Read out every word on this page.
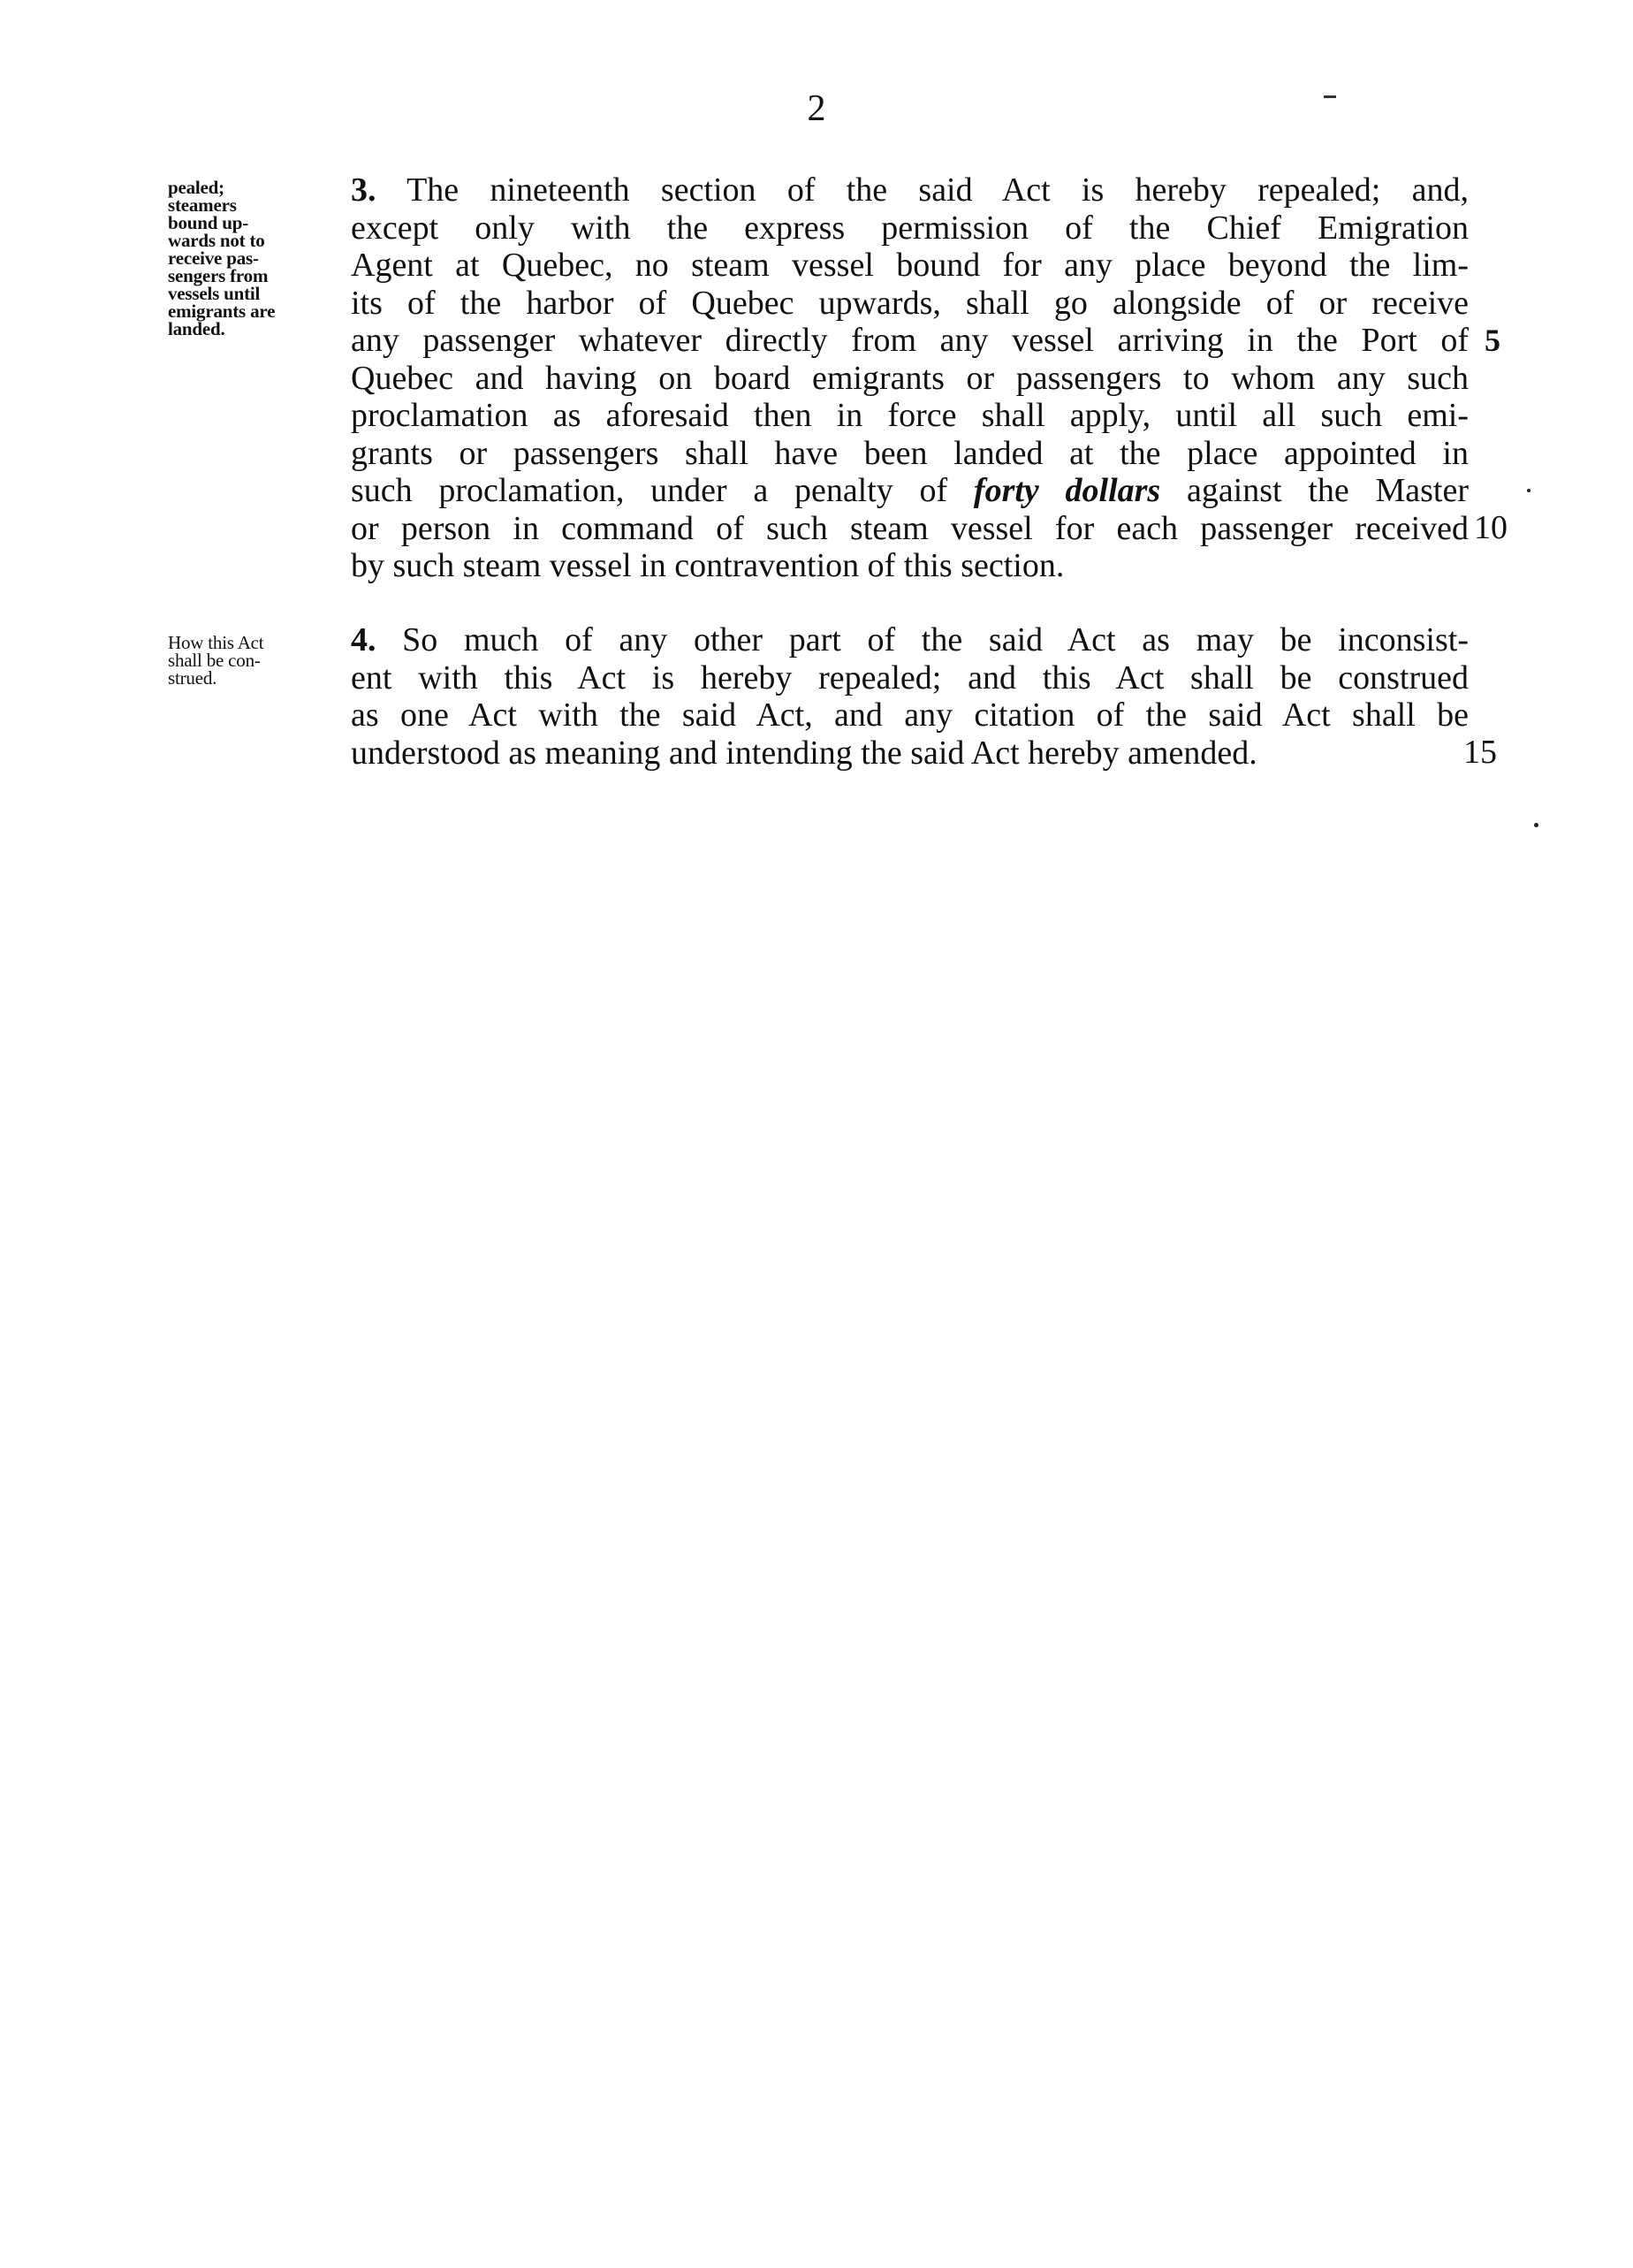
2
pealed;
steamers
bound up-
wards not to
receive pas-
sengers from
vessels until
emigrants are
landed.
3. The nineteenth section of the said Act is hereby repealed; and,
except only with the express permission of the Chief Emigration
Agent at Quebec, no steam vessel bound for any place beyond the lim-
its of the harbor of Quebec upwards, shall go alongside of or receive
any passenger whatever directly from any vessel arriving in the Port of
Quebec and having on board emigrants or passengers to whom any such
proclamation as aforesaid then in force shall apply, until all such emi-
grants or passengers shall have been landed at the place appointed in
such proclamation, under a penalty of forty dollars against the Master
or person in command of such steam vessel for each passenger received
by such steam vessel in contravention of this section.
5
10
How this Act
shall be con-
strued.
4. So much of any other part of the said Act as may be inconsist-
ent with this Act is hereby repealed; and this Act shall be construed
as one Act with the said Act, and any citation of the said Act shall be
understood as meaning and intending the said Act hereby amended.	15
